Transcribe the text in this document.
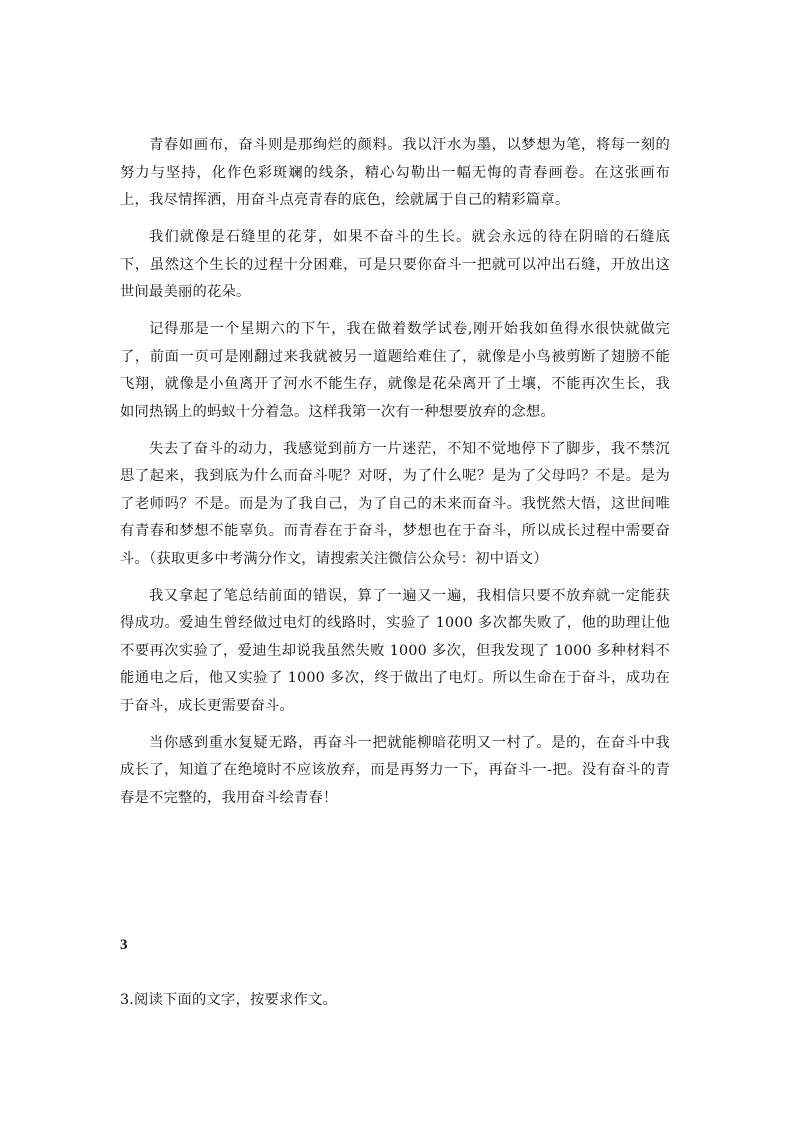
青春如画布，奋斗则是那绚烂的颜料。我以汗水为墨，以梦想为笔，将每一刻的努力与坚持，化作色彩斑斓的线条，精心勾勒出一幅无悔的青春画卷。在这张画布上，我尽情挥洒，用奋斗点亮青春的底色，绘就属于自己的精彩篇章。

我们就像是石缝里的花芽，如果不奋斗的生长。就会永远的待在阴暗的石缝底下，虽然这个生长的过程十分困难，可是只要你奋斗一把就可以冲出石缝，开放出这世间最美丽的花朵。

记得那是一个星期六的下午，我在做着数学试卷,刚开始我如鱼得水很快就做完了，前面一页可是刚翻过来我就被另一道题给难住了，就像是小鸟被剪断了翅膀不能飞翔，就像是小鱼离开了河水不能生存，就像是花朵离开了土壤，不能再次生长，我如同热锅上的蚂蚁十分着急。这样我第一次有一种想要放弃的念想。

失去了奋斗的动力，我感觉到前方一片迷茫，不知不觉地停下了脚步，我不禁沉思了起来，我到底为什么而奋斗呢？对呀，为了什么呢？是为了父母吗？不是。是为了老师吗？不是。而是为了我自己，为了自己的未来而奋斗。我恍然大悟，这世间唯有青春和梦想不能辜负。而青春在于奋斗，梦想也在于奋斗，所以成长过程中需要奋斗。（获取更多中考满分作文，请搜索关注微信公众号：初中语文）

我又拿起了笔总结前面的错误，算了一遍又一遍，我相信只要不放弃就一定能获得成功。爱迪生曾经做过电灯的线路时，实验了 1000 多次都失败了，他的助理让他不要再次实验了，爱迪生却说我虽然失败 1000 多次，但我发现了 1000 多种材料不能通电之后，他又实验了 1000 多次，终于做出了电灯。所以生命在于奋斗，成功在于奋斗，成长更需要奋斗。

当你感到重水复疑无路，再奋斗一把就能柳暗花明又一村了。是的，在奋斗中我成长了，知道了在绝境时不应该放弃，而是再努力一下，再奋斗一-把。没有奋斗的青春是不完整的，我用奋斗绘青春！

3
3.阅读下面的文字，按要求作文。
